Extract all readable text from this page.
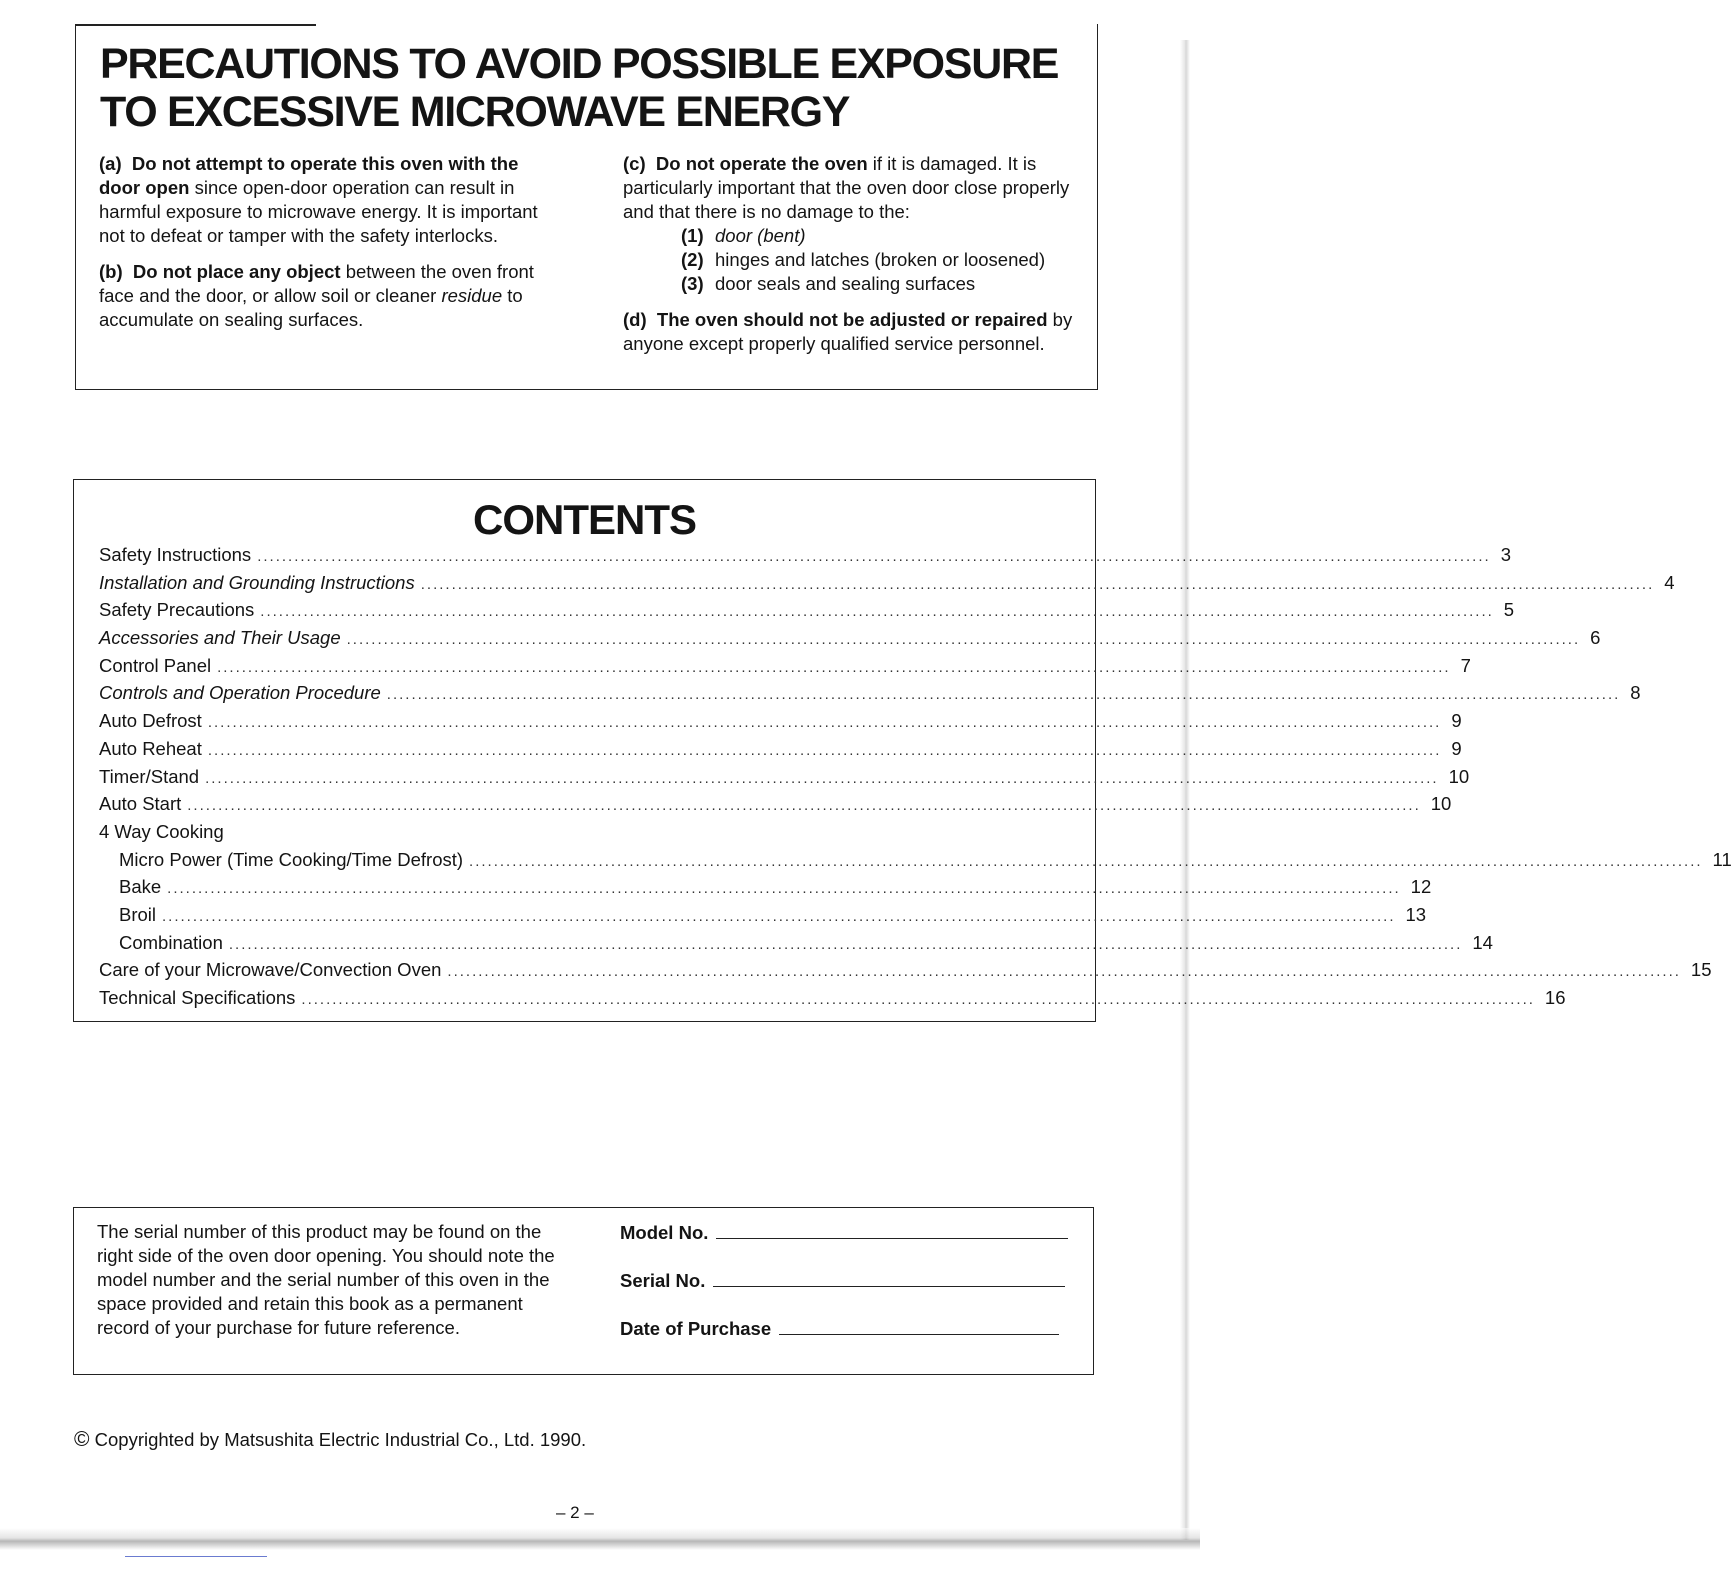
PRECAUTIONS TO AVOID POSSIBLE EXPOSURE
TO EXCESSIVE MICROWAVE ENERGY

(a) Do not attempt to operate this oven with the door open since open-door operation can result in harmful exposure to microwave energy. It is important not to defeat or tamper with the safety interlocks.

(b) Do not place any object between the oven front face and the door, or allow soil or cleaner residue to accumulate on sealing surfaces.

(c) Do not operate the oven if it is damaged. It is particularly important that the oven door close properly and that there is no damage to the:

(1) door (bent)
(2) hinges and latches (broken or loosened)
(3) door seals and sealing surfaces

(d) The oven should not be adjusted or repaired by anyone except properly qualified service personnel.

CONTENTS
Safety Instructions ........................................................................................................................................................................................................ 3
Installation and Grounding Instructions ........................................................................................................................................................................................................ 4
Safety Precautions ........................................................................................................................................................................................................ 5
Accessories and Their Usage ........................................................................................................................................................................................................ 6
Control Panel ........................................................................................................................................................................................................ 7
Controls and Operation Procedure ........................................................................................................................................................................................................ 8
Auto Defrost ........................................................................................................................................................................................................ 9
Auto Reheat ........................................................................................................................................................................................................ 9
Timer/Stand ........................................................................................................................................................................................................ 10
Auto Start ........................................................................................................................................................................................................ 10
4 Way Cooking
Micro Power (Time Cooking/Time Defrost) ........................................................................................................................................................................................................ 11
Bake ........................................................................................................................................................................................................ 12
Broil ........................................................................................................................................................................................................ 13
Combination ........................................................................................................................................................................................................ 14
Care of your Microwave/Convection Oven ........................................................................................................................................................................................................ 15
Technical Specifications ........................................................................................................................................................................................................ 16

The serial number of this product may be found on the right side of the oven door opening. You should note the model number and the serial number of this oven in the space provided and retain this book as a permanent record of your purchase for future reference.

Model No.
Serial No.
Date of Purchase

© Copyrighted by Matsushita Electric Industrial Co., Ltd. 1990.

– 2 –
